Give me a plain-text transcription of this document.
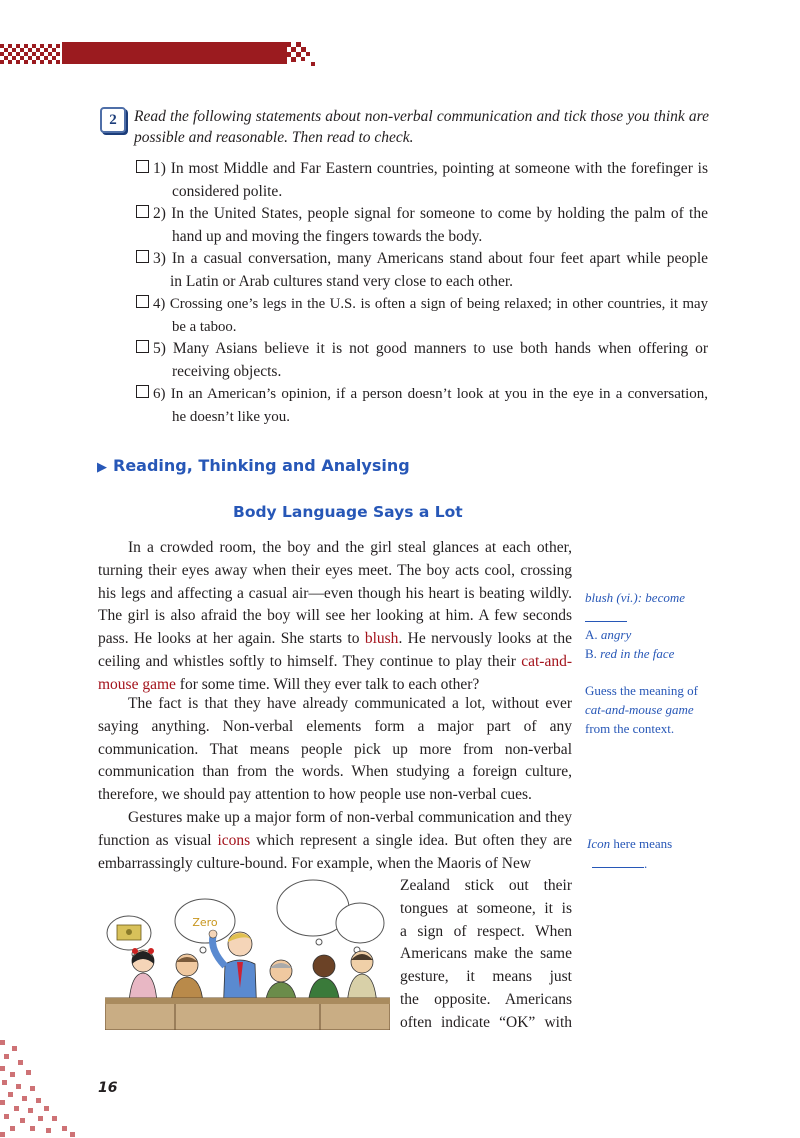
2	Read the following statements about non-verbal communication and tick those you think are possible and reasonable. Then read to check.
1) In most Middle and Far Eastern countries, pointing at someone with the forefinger is
considered polite.
2) In the United States, people signal for someone to come by holding the palm of the
hand up and moving the fingers towards the body.
3) In a casual conversation, many Americans stand about four feet apart while people
in Latin or Arab cultures stand very close to each other.
4) Crossing one’s legs in the U.S. is often a sign of being relaxed; in other countries, it may
be a taboo.
5) Many Asians believe it is not good manners to use both hands when offering or
receiving objects.
6) In an American’s opinion, if a person doesn’t look at you in the eye in a conversation,
he doesn’t like you.
▶ Reading, Thinking and Analysing
Body Language Says a Lot
In a crowded room, the boy and the girl steal glances at each other, turning their eyes away when their eyes meet. The boy acts cool, crossing his legs and affecting a casual air—even though his heart is beating wildly. The girl is also afraid the boy will see her looking at him. A few seconds pass. He looks at her again. She starts to blush. He nervously looks at the ceiling and whistles softly to himself. They continue to play their cat-and-mouse game for some time. Will they ever talk to each other?
The fact is that they have already communicated a lot, without ever saying anything. Non-verbal elements form a major part of any communication. That means people pick up more from non-verbal communication than from the words. When studying a foreign culture, therefore, we should pay attention to how people use non-verbal cues.
Gestures make up a major form of non-verbal communication and they function as visual icons which represent a single idea. But often they are embarrassingly culture-bound. For example, when the Maoris of New
Zealand stick out their
tongues at someone, it is
a sign of respect. When
Americans make the same
gesture, it means just
the opposite. Americans
often indicate “OK” with
blush (vi.): become

A. angry
B. red in the face
Guess the meaning of
cat-and-mouse game
from the context.
Icon here means
.
Zero
16
